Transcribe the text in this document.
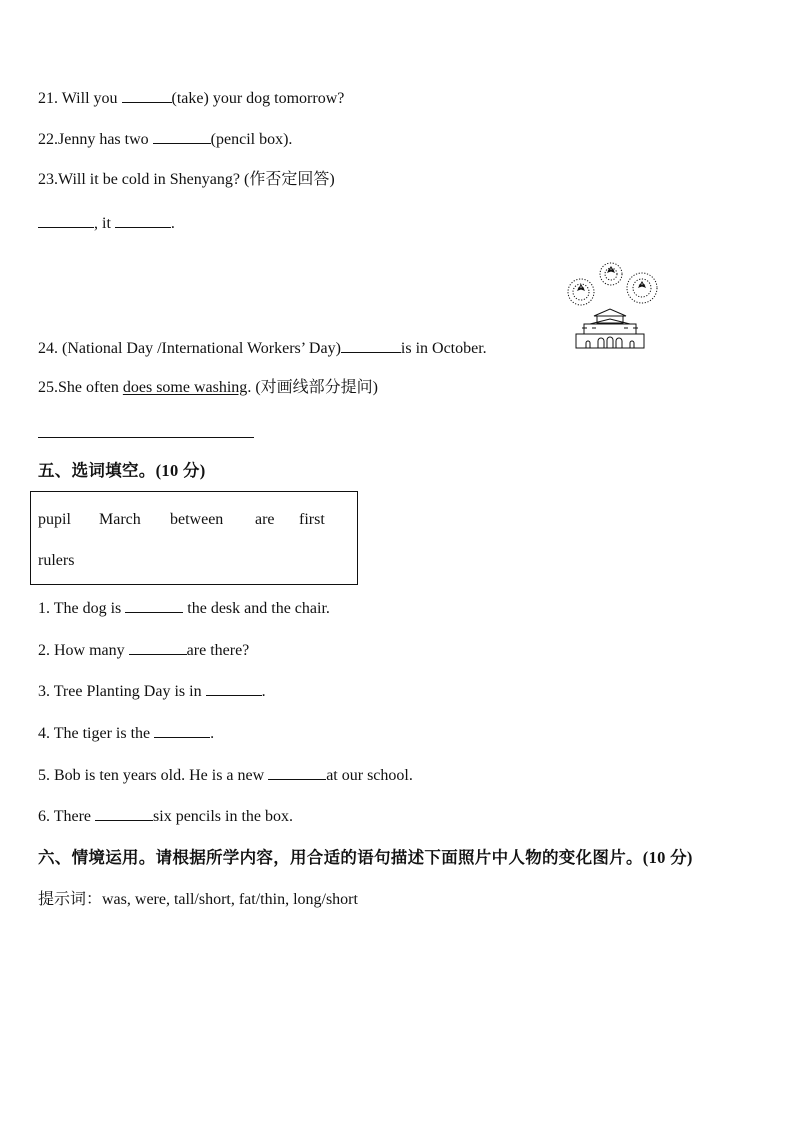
21. Will you	(take) your dog tomorrow?
22.Jenny has two	(pencil box).
23.Will it be cold in Shenyang? (作否定回答)
, it	.
24. (National Day /International Workers’ Day)	is in October.
25.She often does some washing. (对画线部分提问)
五、选词填空。(10 分)
pupil March between are first
rulers
1. The dog is	the desk and the chair.
2. How many	are there?
3. Tree Planting Day is in	.
4. The tiger is the	.
5. Bob is ten years old. He is a new	at our school.
6. There	six pencils in the box.
六、情境运用。请根据所学内容，用合适的语句描述下面照片中人物的变化图片。(10 分)
提示词：was, were, tall/short, fat/thin, long/short
